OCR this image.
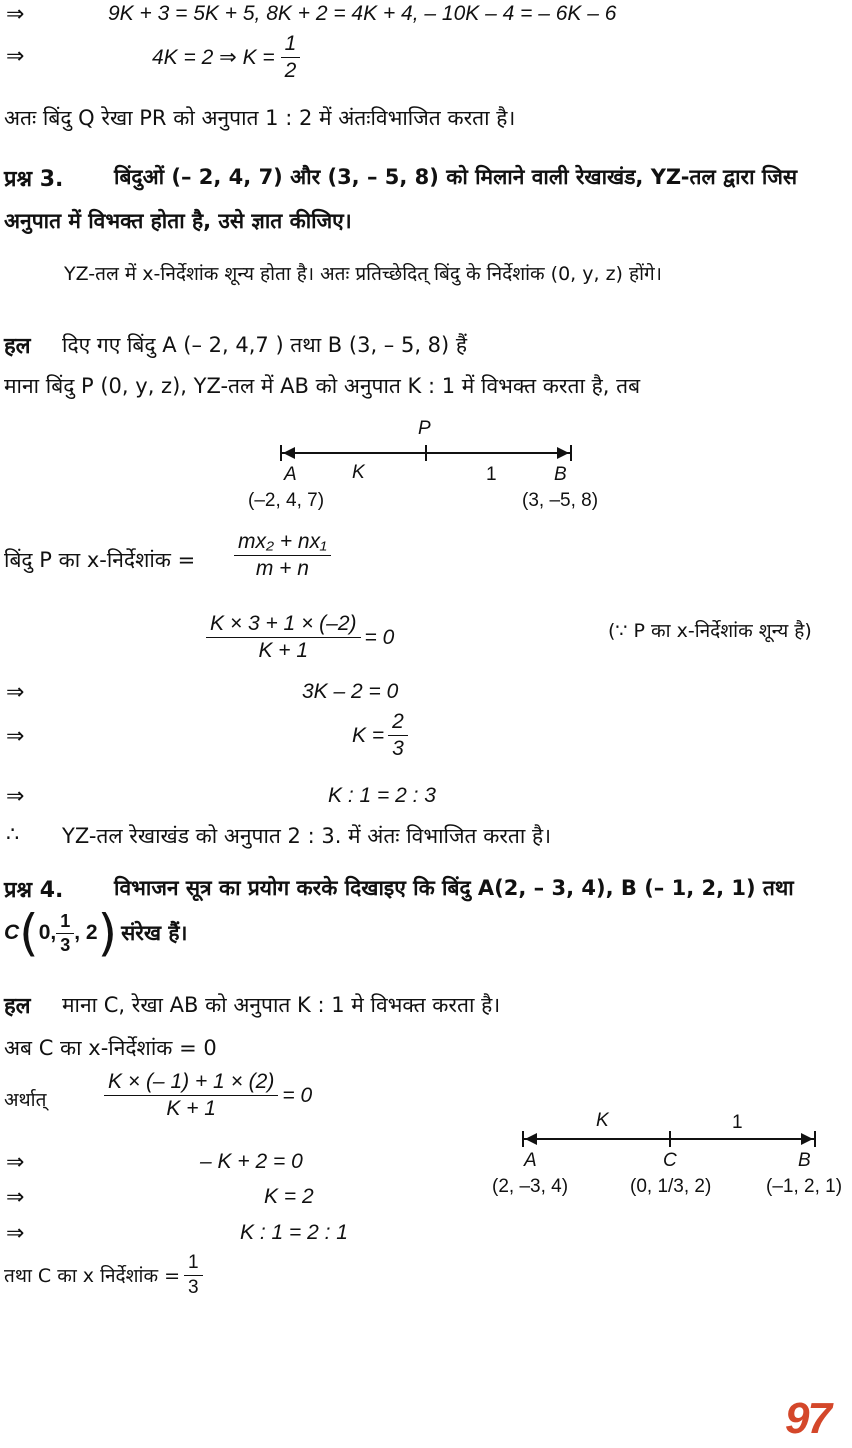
⇒	9K + 3 = 5K + 5, 8K + 2 = 4K + 4, – 10K – 4 = – 6K – 6
⇒	4K = 2 ⇒ $K = \frac{1}{2}$
अतः बिंदु Q रेखा PR को अनुपात 1 : 2 में अंतःविभाजित करता है।
प्रश्न 3. बिंदुओं (– 2, 4, 7) और (3, – 5, 8) को मिलाने वाली रेखाखंड, YZ-तल द्वारा जिस
अनुपात में विभक्त होता है, उसे ज्ञात कीजिए।
YZ-तल में x-निर्देशांक शून्य होता है। अतः प्रतिच्छेदित् बिंदु के निर्देशांक (0, y, z) होंगे।
हल दिए गए बिंदु A (– 2, 4,7 ) तथा B (3, – 5, 8) हैं
माना बिंदु P (0, y, z), YZ-तल में AB को अनुपात K : 1 में विभक्त करता है, तब
P
A	K	1	B
(–2, 4, 7)	(3, –5, 8)
बिंदु P का x-निर्देशांक = $\frac{\text{mx₂ + nx₁}}{m + n}$
$\frac{K \times 3 + 1 \times (-2)}{K + 1} = 0$	(∵ P का x-निर्देशांक शून्य है)
⇒	3K – 2 = 0
⇒	$K = \frac{2}{3}$
⇒	K : 1 = 2 : 3
∴ YZ-तल रेखाखंड को अनुपात 2 : 3. में अंतः विभाजित करता है।
प्रश्न 4. विभाजन सूत्र का प्रयोग करके दिखाइए कि बिंदु A(2, – 3, 4), B (– 1, 2, 1) तथा
C ( 0, $\frac{1}{3}$ , 2 ) संरेख हैं।
हल माना C, रेखा AB को अनुपात K : 1 मे विभक्त करता है।
अब C का x-निर्देशांक = 0
अर्थात्	$\frac{K \times (- 1) + 1 \times (2)}{K + 1} = 0$
⇒	– K + 2 = 0
⇒	K = 2
⇒	K : 1 = 2 : 1
तथा C का x निर्देशांक = $\frac{1}{3}$
K	1
A	C	B
(2, –3, 4)	(0, 1/3, 2)	(–1, 2, 1)
97
